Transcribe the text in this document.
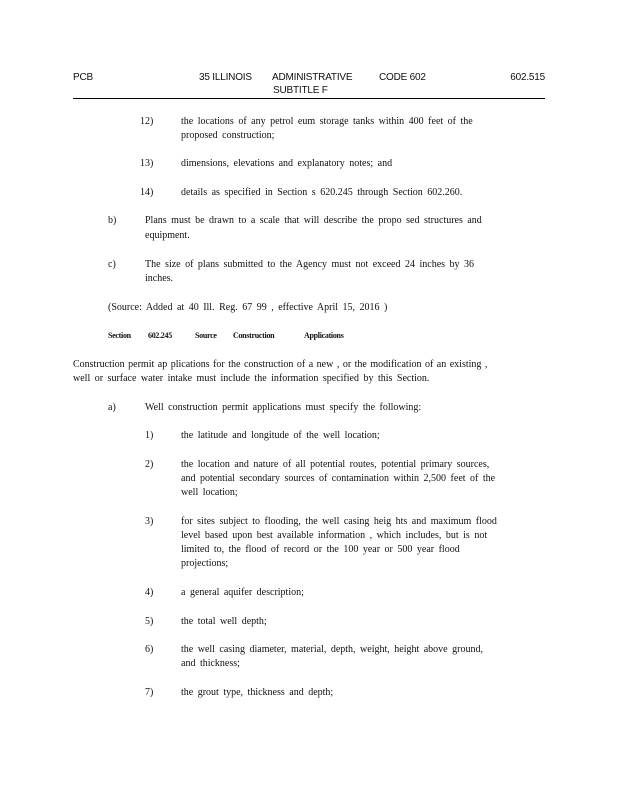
PCB	35 ILLINOIS ADMINISTRATIVE	CODE 602	602.515
SUBTITLE F
12)	the locations of any petrol eum storage tanks within 400 feet of the
proposed construction;
13)	dimensions, elevations and explanatory notes; and
14)	details as specified in Section s 620.245 through Section 602.260.
b)	Plans must be drawn to a scale that will describe the propo sed structures and
equipment.
c)	The size of plans submitted to the Agency must not exceed 24 inches by 36
inches.
(Source: Added at 40 Ill. Reg. 67 99 , effective April 15, 2016 )
Section 602.245	Source Construction	Applications
Construction permit ap plications for the construction of a new , or the modification of an existing ,
well or surface water intake must include the information specified by this Section.
a)	Well construction permit applications must specify the following:
1)	the latitude and longitude of the well location;
2)	the location and nature of all potential routes, potential primary sources,
and potential secondary sources of contamination within 2,500 feet of the
well location;
3)	for sites subject to flooding, the well casing heig hts and maximum flood
level based upon best available information , which includes, but is not
limited to, the flood of record or the 100 year or 500 year flood
projections;
4)	a general aquifer description;
5)	the total well depth;
6)	the well casing diameter, material, depth, weight, height above ground,
and thickness;
7)	the grout type, thickness and depth;
